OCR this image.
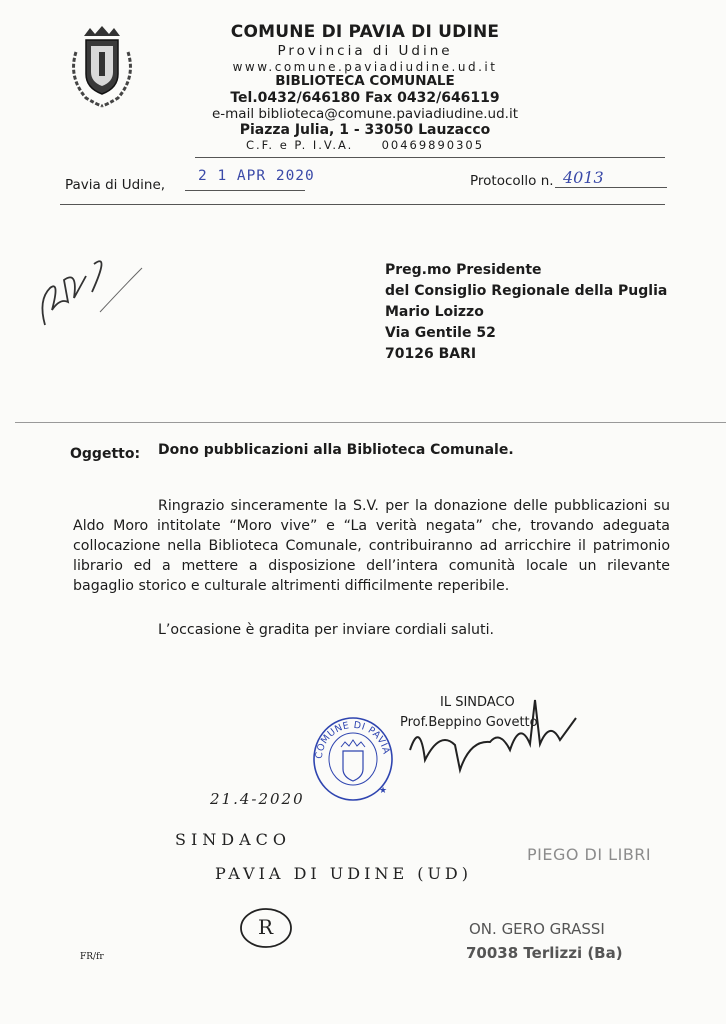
COMUNE DI PAVIA DI UDINE
Provincia di Udine
www.comune.paviadiudine.ud.it
BIBLIOTECA COMUNALE
Tel.0432/646180 Fax 0432/646119
e-mail biblioteca@comune.paviadiudine.ud.it
Piazza Julia, 1 - 33050 Lauzacco
C.F. e P. I.V.A. 00469890305
Pavia di Udine,
2 1 APR 2020	Protocollo n. 4013
Preg.mo Presidente
del Consiglio Regionale della Puglia
Mario Loizzo
Via Gentile 52
70126 BARI
Oggetto: Dono pubblicazioni alla Biblioteca Comunale.
Ringrazio sinceramente la S.V. per la donazione delle pubblicazioni su Aldo Moro intitolate “Moro vive” e “La verità negata” che, trovando adeguata collocazione nella Biblioteca Comunale, contribuiranno ad arricchire il patrimonio librario ed a mettere a disposizione dell’intera comunità locale un rilevante bagaglio storico e culturale altrimenti difficilmente reperibile.
L’occasione è gradita per inviare cordiali saluti.
IL SINDACO
Prof.Beppino Govetto
COMUNE DI PAVIA
★
21.4-2020
SINDACO
PAVIA DI UDINE (UD)
R
PIEGO DI LIBRI
ON. GERO GRASSI
70038 Terlizzi (Ba)
FR/fr
